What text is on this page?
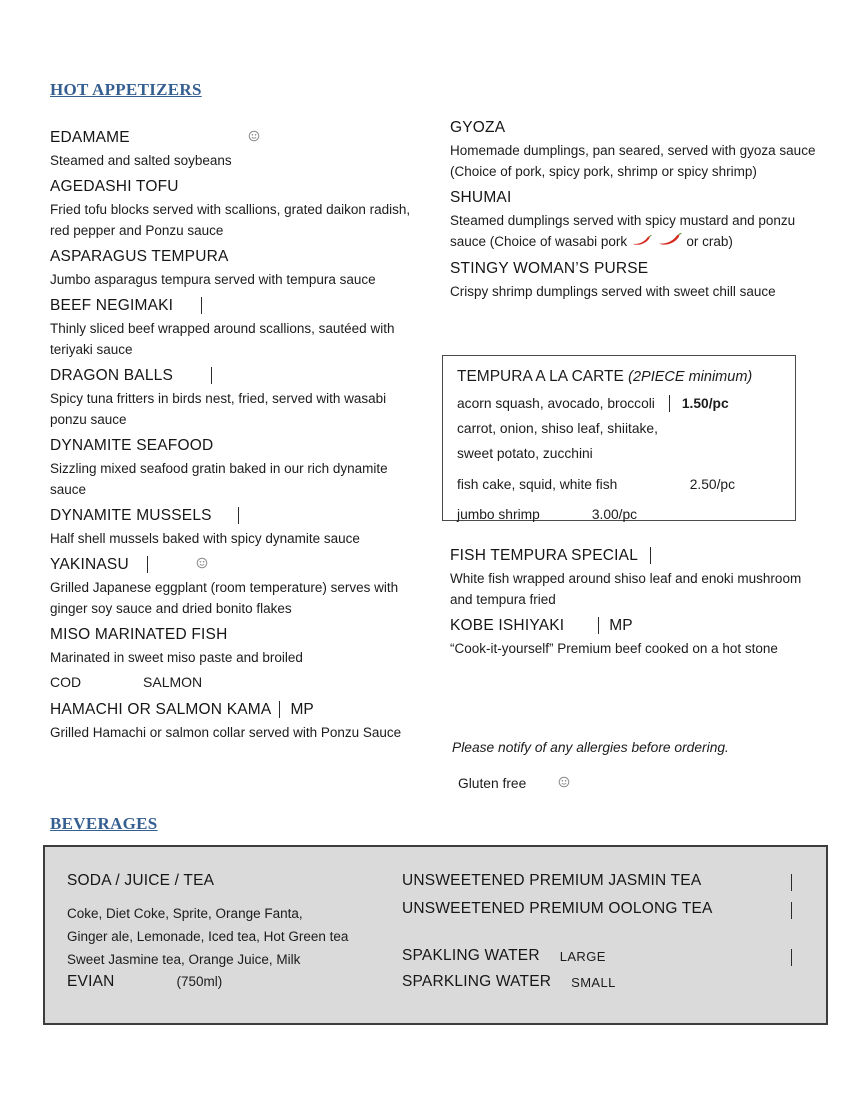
HOT APPETIZERS
EDAMAME
Steamed and salted soybeans
AGEDASHI TOFU
Fried tofu blocks served with scallions, grated daikon radish, red pepper and Ponzu sauce
ASPARAGUS TEMPURA
Jumbo asparagus tempura served with tempura sauce
BEEF NEGIMAKI
Thinly sliced beef wrapped around scallions, sautéed with teriyaki sauce
DRAGON BALLS
Spicy tuna fritters in birds nest, fried, served with wasabi ponzu sauce
DYNAMITE SEAFOOD
Sizzling mixed seafood gratin baked in our rich dynamite sauce
DYNAMITE MUSSELS
Half shell mussels baked with spicy dynamite sauce
YAKINASU
Grilled Japanese eggplant (room temperature) serves with ginger soy sauce and dried bonito flakes
MISO MARINATED FISH
Marinated in sweet miso paste and broiled
COD	SALMON
HAMACHI OR SALMON KAMA MP
Grilled Hamachi or salmon collar served with Ponzu Sauce
GYOZA
Homemade dumplings, pan seared, served with gyoza sauce (Choice of pork, spicy pork, shrimp or spicy shrimp)
SHUMAI
Steamed dumplings served with spicy mustard and ponzu sauce (Choice of wasabi pork	or crab)
STINGY WOMAN’S PURSE
Crispy shrimp dumplings served with sweet chill sauce
TEMPURA A LA CARTE (2PIECE minimum)
acorn squash, avocado, broccoli 1.50/pc
carrot, onion, shiso leaf, shiitake,
sweet potato, zucchini
fish cake, squid, white fish	2.50/pc
jumbo shrimp	3.00/pc
FISH TEMPURA SPECIAL
White fish wrapped around shiso leaf and enoki mushroom and tempura fried
KOBE ISHIYAKI	MP
“Cook-it-yourself” Premium beef cooked on a hot stone
Please notify of any allergies before ordering.
Gluten free
BEVERAGES
SODA / JUICE / TEA
Coke, Diet Coke, Sprite, Orange Fanta,
Ginger ale, Lemonade, Iced tea, Hot Green tea
Sweet Jasmine tea, Orange Juice, Milk
EVIAN	(750ml)
UNSWEETENED PREMIUM JASMIN TEA
UNSWEETENED PREMIUM OOLONG TEA
SPAKLING WATER LARGE
SPARKLING WATER SMALL
